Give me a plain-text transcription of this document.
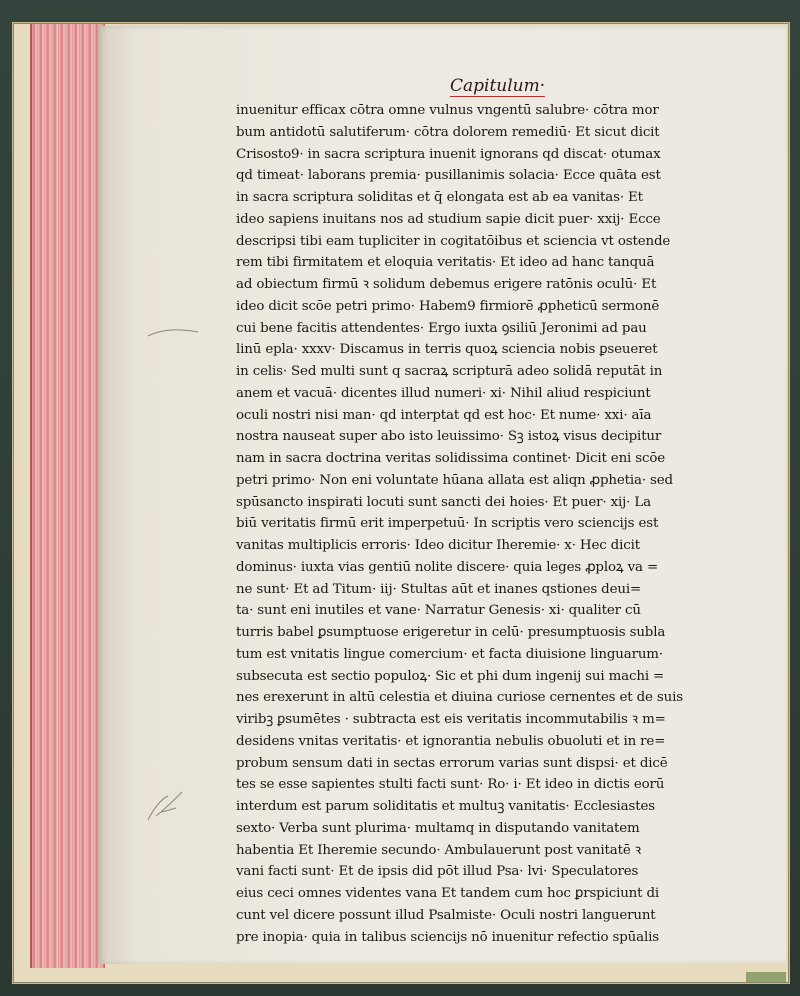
Capitulum·
inuenitur efficax cōtra omne vulnus vngentū salubre· cōtra mor
bum antidotū salutiferum· cōtra dolorem remediū· Et sicut dicit
Crisosto9· in sacra scriptura inuenit ignorans qd discat· otumax
qd timeat· laborans premia· pusillanimis solacia· Ecce quāta est
in sacra scriptura soliditas et q̄ elongata est ab ea vanitas· Et
ideo sapiens inuitans nos ad studium sapie dicit puer· xxij· Ecce
descripsi tibi eam tupliciter in cogitatōibus et sciencia vt ostende
rem tibi firmitatem et eloquia veritatis· Et ideo ad hanc tanquā
ad obiectum firmū ꝛ solidum debemus erigere ratōnis oculū· Et
ideo dicit scōe petri primo· Habem9 firmiorē ꝓpheticū sermonē
cui bene facitis attendentes· Ergo iuxta ꝯsiliū Jeronimi ad pau
linū epla· xxxv· Discamus in terris quoꝝ sciencia nobis ꝑseueret
in celis· Sed multi sunt q sacraꝝ scripturā adeo solidā reputāt in
anem et vacuā· dicentes illud numeri· xi· Nihil aliud respiciunt
oculi nostri nisi man· qd interptat qd est hoc· Et nume· xxi· aīa
nostra nauseat super abo isto leuissimo· Sꝫ istoꝝ visus decipitur
nam in sacra doctrina veritas solidissima continet· Dicit eni scōe
petri primo· Non eni voluntate hūana allata est aliqn ꝓphetia· sed
spūsancto inspirati locuti sunt sancti dei hoies· Et puer· xij· La
biū veritatis firmū erit imperpetuū· In scriptis vero sciencijs est
vanitas multiplicis erroris· Ideo dicitur Iheremie· x· Hec dicit
dominus· iuxta vias gentiū nolite discere· quia leges ꝓploꝝ va =
ne sunt· Et ad Titum· iij· Stultas aūt et inanes qstiones deui=
ta· sunt eni inutiles et vane· Narratur Genesis· xi· qualiter cū
turris babel ꝑsumptuose erigeretur in celū· presumptuosis subla
tum est vnitatis lingue comercium· et facta diuisione linguarum·
subsecuta est sectio populoꝝ· Sic et phi dum ingenij sui machi =
nes erexerunt in altū celestia et diuina curiose cernentes et de suis
viribꝫ ꝑsumētes · subtracta est eis veritatis incommutabilis ꝛ m=
desidens vnitas veritatis· et ignorantia nebulis obuoluti et in re=
probum sensum dati in sectas errorum varias sunt dispsi· et dicē
tes se esse sapientes stulti facti sunt· Ro· i· Et ideo in dictis eorū
interdum est parum soliditatis et multuꝫ vanitatis· Ecclesiastes
sexto· Verba sunt plurima· multamq in disputando vanitatem
habentia Et Iheremie secundo· Ambulauerunt post vanitatē ꝛ
vani facti sunt· Et de ipsis did pōt illud Psa· lvi· Speculatores
eius ceci omnes videntes vana Et tandem cum hoc ꝑrspiciunt di
cunt vel dicere possunt illud Psalmiste· Oculi nostri languerunt
pre inopia· quia in talibus sciencijs nō inuenitur refectio spūalis
